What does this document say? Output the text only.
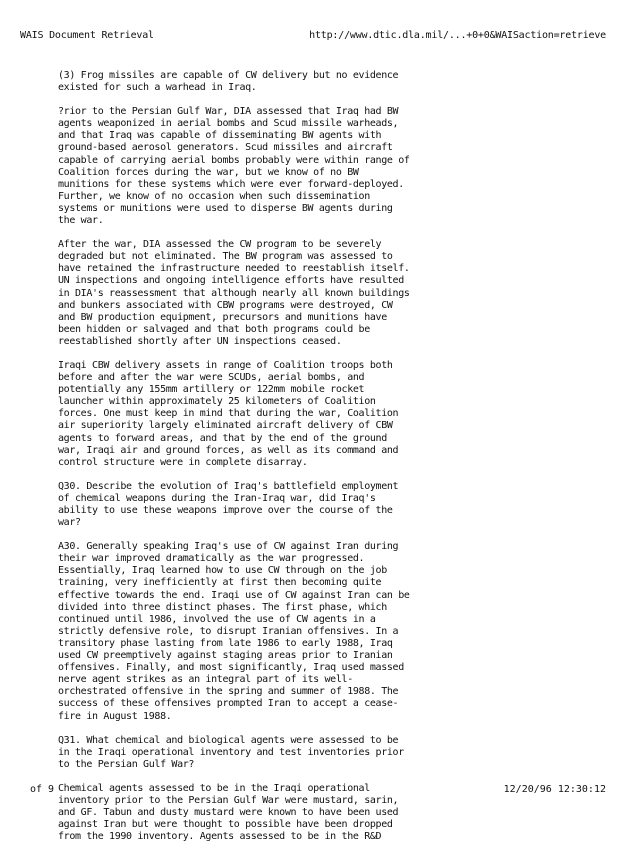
WAIS Document Retrieval	http://www.dtic.dla.mil/...+0+0&WAISaction=retrieve

(3) Frog missiles are capable of CW delivery but no evidence
existed for such a warhead in Iraq.

?rior to the Persian Gulf War, DIA assessed that Iraq had BW
agents weaponized in aerial bombs and Scud missile warheads,
and that Iraq was capable of disseminating BW agents with
ground-based aerosol generators. Scud missiles and aircraft
capable of carrying aerial bombs probably were within range of
Coalition forces during the war, but we know of no BW
munitions for these systems which were ever forward-deployed.
Further, we know of no occasion when such dissemination
systems or munitions were used to disperse BW agents during
the war.

After the war, DIA assessed the CW program to be severely
degraded but not eliminated. The BW program was assessed to
have retained the infrastructure needed to reestablish itself.
UN inspections and ongoing intelligence efforts have resulted
in DIA's reassessment that although nearly all known buildings
and bunkers associated with CBW programs were destroyed, CW
and BW production equipment, precursors and munitions have
been hidden or salvaged and that both programs could be
reestablished shortly after UN inspections ceased.

Iraqi CBW delivery assets in range of Coalition troops both
before and after the war were SCUDs, aerial bombs, and
potentially any 155mm artillery or 122mm mobile rocket
launcher within approximately 25 kilometers of Coalition
forces. One must keep in mind that during the war, Coalition
air superiority largely eliminated aircraft delivery of CBW
agents to forward areas, and that by the end of the ground
war, Iraqi air and ground forces, as well as its command and
control structure were in complete disarray.

Q30. Describe the evolution of Iraq's battlefield employment
of chemical weapons during the Iran-Iraq war, did Iraq's
ability to use these weapons improve over the course of the
war?

A30. Generally speaking Iraq's use of CW against Iran during
their war improved dramatically as the war progressed.
Essentially, Iraq learned how to use CW through on the job
training, very inefficiently at first then becoming quite
effective towards the end. Iraqi use of CW against Iran can be
divided into three distinct phases. The first phase, which
continued until 1986, involved the use of CW agents in a
strictly defensive role, to disrupt Iranian offensives. In a
transitory phase lasting from late 1986 to early 1988, Iraq
used CW preemptively against staging areas prior to Iranian
offensives. Finally, and most significantly, Iraq used massed
nerve agent strikes as an integral part of its well-
orchestrated offensive in the spring and summer of 1988. The
success of these offensives prompted Iran to accept a cease-
fire in August 1988.

Q31. What chemical and biological agents were assessed to be
in the Iraqi operational inventory and test inventories prior
to the Persian Gulf War?

Chemical agents assessed to be in the Iraqi operational
inventory prior to the Persian Gulf War were mustard, sarin,
and GF. Tabun and dusty mustard were known to have been used
against Iran but were thought to possible have been dropped
from the 1990 inventory. Agents assessed to be in the R&D

of 9	12/20/96 12:30:12
